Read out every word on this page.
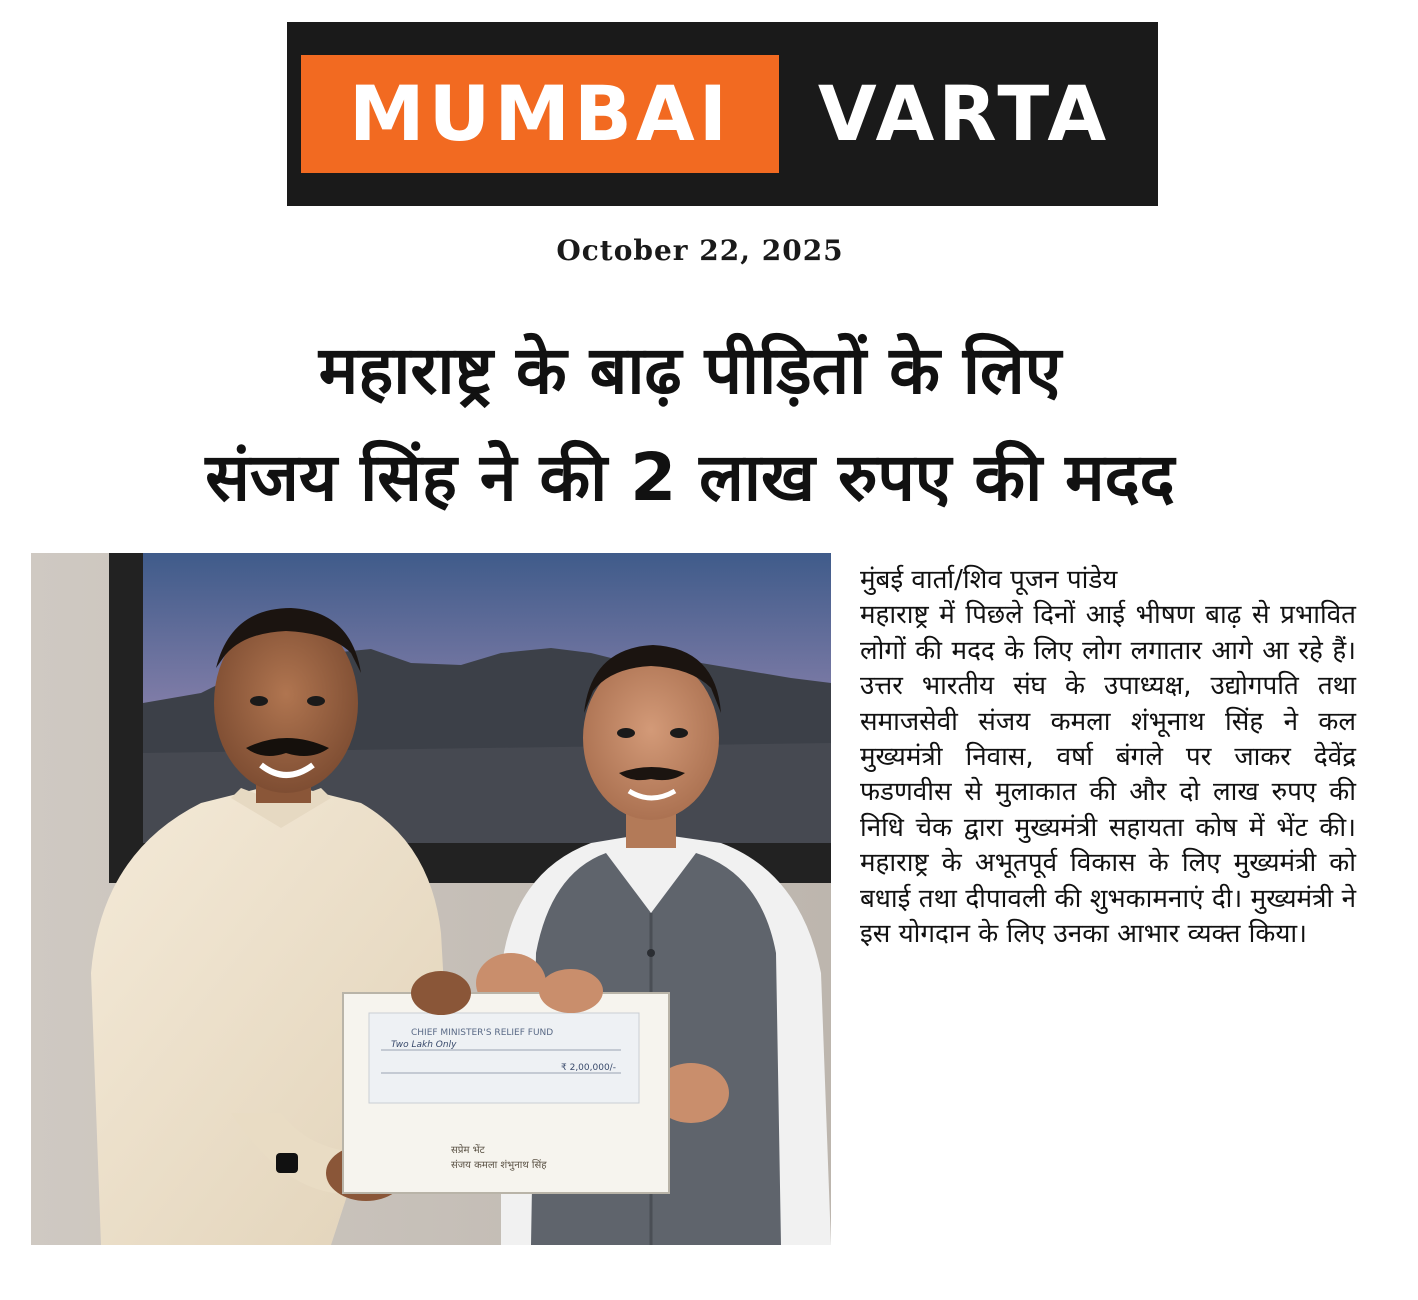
MUMBAI VARTA
October 22, 2025
महाराष्ट्र के बाढ़ पीड़ितों के लिए
संजय सिंह ने की 2 लाख रुपए की मदद
CHIEF MINISTER'S RELIEF FUND
Two Lakh Only
₹ 2,00,000/-
सप्रेम भेंट
संजय कमला शंभुनाथ सिंह
मुंबई वार्ता/शिव पूजन पांडेय
महाराष्ट्र में पिछले दिनों आई भीषण बाढ़ से प्रभावित लोगों की मदद के लिए लोग लगातार आगे आ रहे हैं। उत्तर भारतीय संघ के उपाध्यक्ष, उद्योगपति तथा समाजसेवी संजय कमला शंभूनाथ सिंह ने कल मुख्यमंत्री निवास, वर्षा बंगले पर जाकर देवेंद्र फडणवीस से मुलाकात की और दो लाख रुपए की निधि चेक द्वारा मुख्यमंत्री सहायता कोष में भेंट की। महाराष्ट्र के अभूतपूर्व विकास के लिए मुख्यमंत्री को बधाई तथा दीपावली की शुभकामनाएं दी। मुख्यमंत्री ने इस योगदान के लिए उनका आभार व्यक्त किया।
